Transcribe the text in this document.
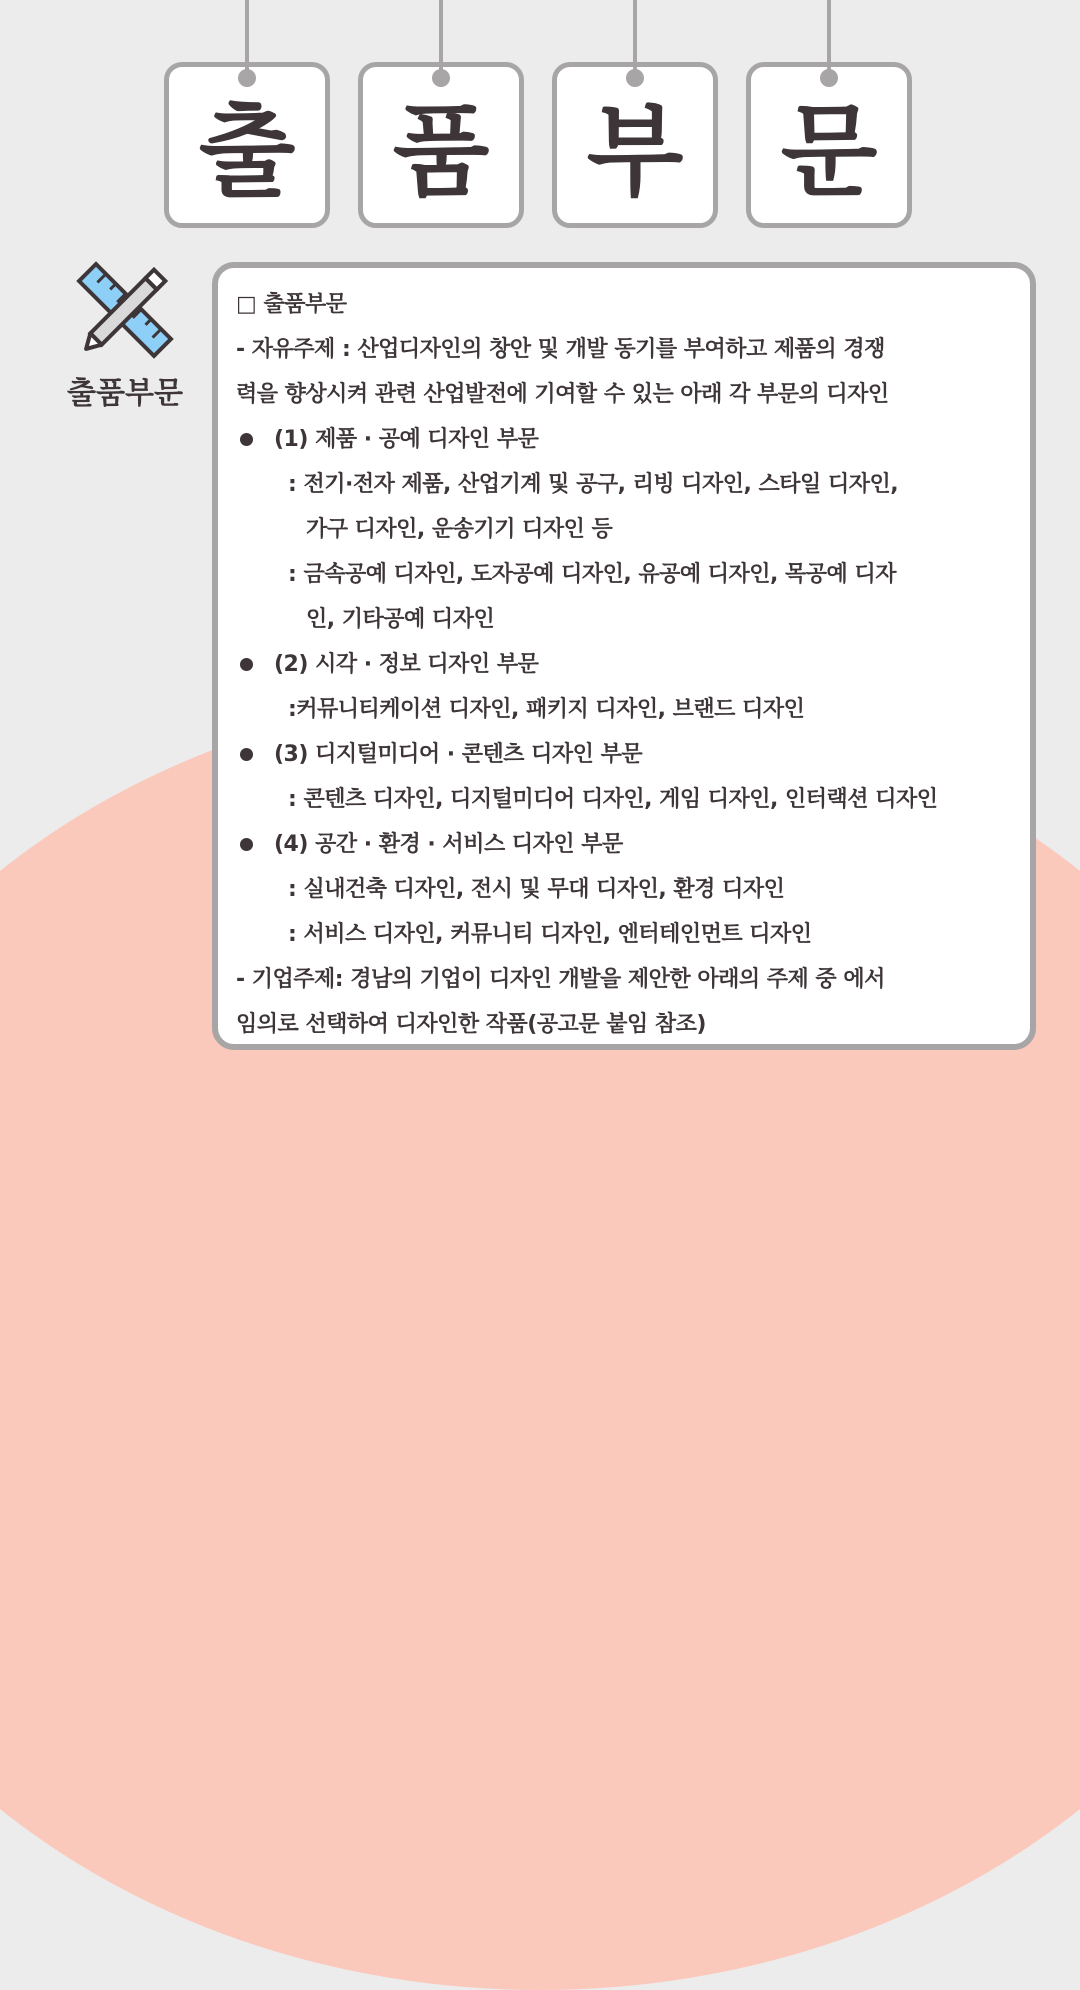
출 품 부 문
출품부문
□ 출품부문
- 자유주제 : 산업디자인의 창안 및 개발 동기를 부여하고 제품의 경쟁
력을 향상시켜 관련 산업발전에 기여할 수 있는 아래 각 부문의 디자인
(1) 제품 · 공예 디자인 부문
: 전기·전자 제품, 산업기계 및 공구, 리빙 디자인, 스타일 디자인,
가구 디자인, 운송기기 디자인 등
: 금속공예 디자인, 도자공예 디자인, 유공예 디자인, 목공예 디자
인, 기타공예 디자인
(2) 시각 · 정보 디자인 부문
:커뮤니티케이션 디자인, 패키지 디자인, 브랜드 디자인
(3) 디지털미디어 · 콘텐츠 디자인 부문
: 콘텐츠 디자인, 디지털미디어 디자인, 게임 디자인, 인터랙션 디자인
(4) 공간 · 환경 · 서비스 디자인 부문
: 실내건축 디자인, 전시 및 무대 디자인, 환경 디자인
: 서비스 디자인, 커뮤니티 디자인, 엔터테인먼트 디자인
- 기업주제: 경남의 기업이 디자인 개발을 제안한 아래의 주제 중 에서
임의로 선택하여 디자인한 작품(공고문 붙임 참조)
